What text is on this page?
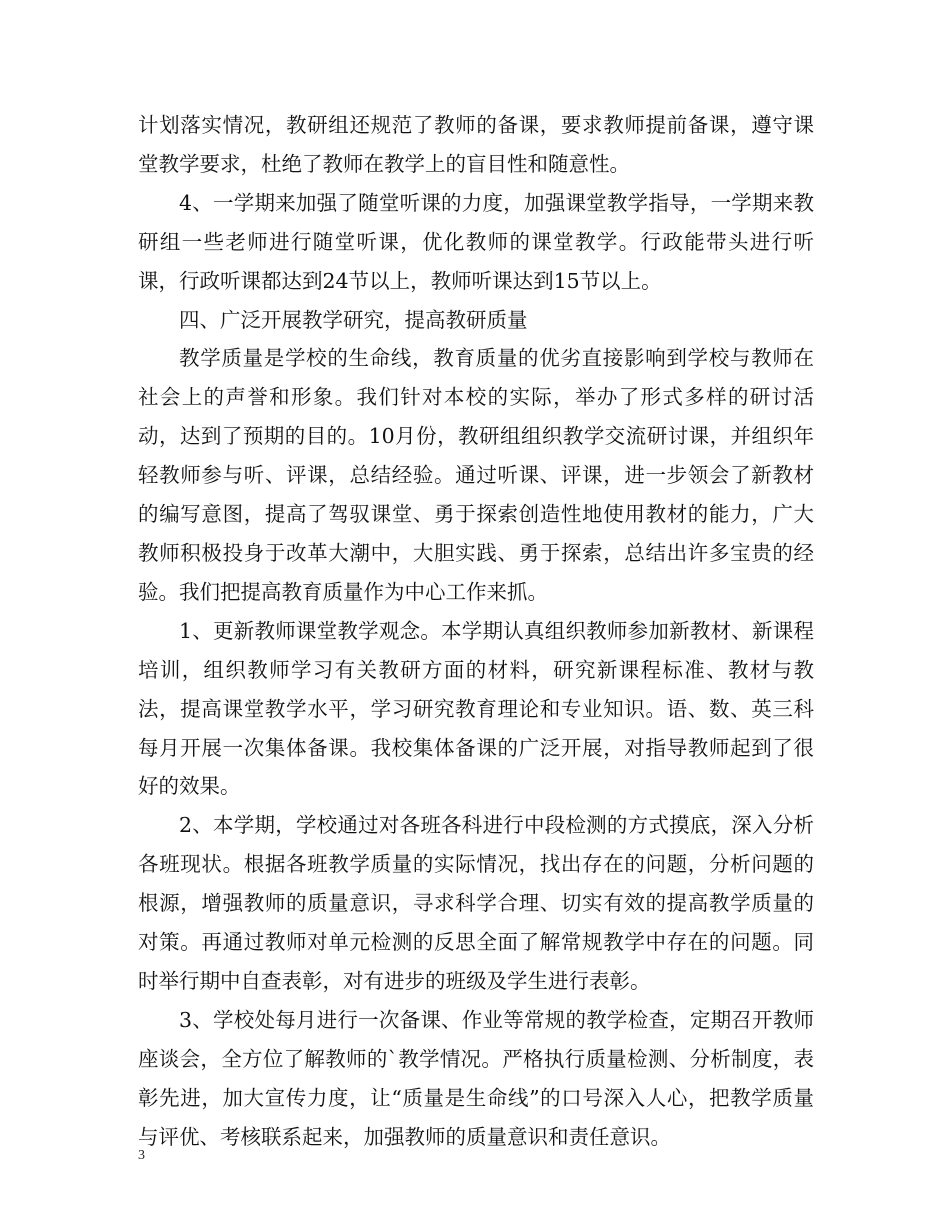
计划落实情况，教研组还规范了教师的备课，要求教师提前备课，遵守课堂教学要求，杜绝了教师在教学上的盲目性和随意性。

4、一学期来加强了随堂听课的力度，加强课堂教学指导，一学期来教研组一些老师进行随堂听课，优化教师的课堂教学。行政能带头进行听课，行政听课都达到24节以上，教师听课达到15节以上。

四、广泛开展教学研究，提高教研质量

教学质量是学校的生命线，教育质量的优劣直接影响到学校与教师在社会上的声誉和形象。我们针对本校的实际，举办了形式多样的研讨活动，达到了预期的目的。10月份，教研组组织教学交流研讨课，并组织年轻教师参与听、评课，总结经验。通过听课、评课，进一步领会了新教材的编写意图，提高了驾驭课堂、勇于探索创造性地使用教材的能力，广大教师积极投身于改革大潮中，大胆实践、勇于探索，总结出许多宝贵的经验。我们把提高教育质量作为中心工作来抓。

1、更新教师课堂教学观念。本学期认真组织教师参加新教材、新课程培训，组织教师学习有关教研方面的材料，研究新课程标准、教材与教法，提高课堂教学水平，学习研究教育理论和专业知识。语、数、英三科每月开展一次集体备课。我校集体备课的广泛开展，对指导教师起到了很好的效果。

2、本学期，学校通过对各班各科进行中段检测的方式摸底，深入分析各班现状。根据各班教学质量的实际情况，找出存在的问题，分析问题的根源，增强教师的质量意识，寻求科学合理、切实有效的提高教学质量的对策。再通过教师对单元检测的反思全面了解常规教学中存在的问题。同时举行期中自查表彰，对有进步的班级及学生进行表彰。

3、学校处每月进行一次备课、作业等常规的教学检查，定期召开教师座谈会，全方位了解教师的`教学情况。严格执行质量检测、分析制度，表彰先进，加大宣传力度，让“质量是生命线”的口号深入人心，把教学质量与评优、考核联系起来，加强教师的质量意识和责任意识。

3
